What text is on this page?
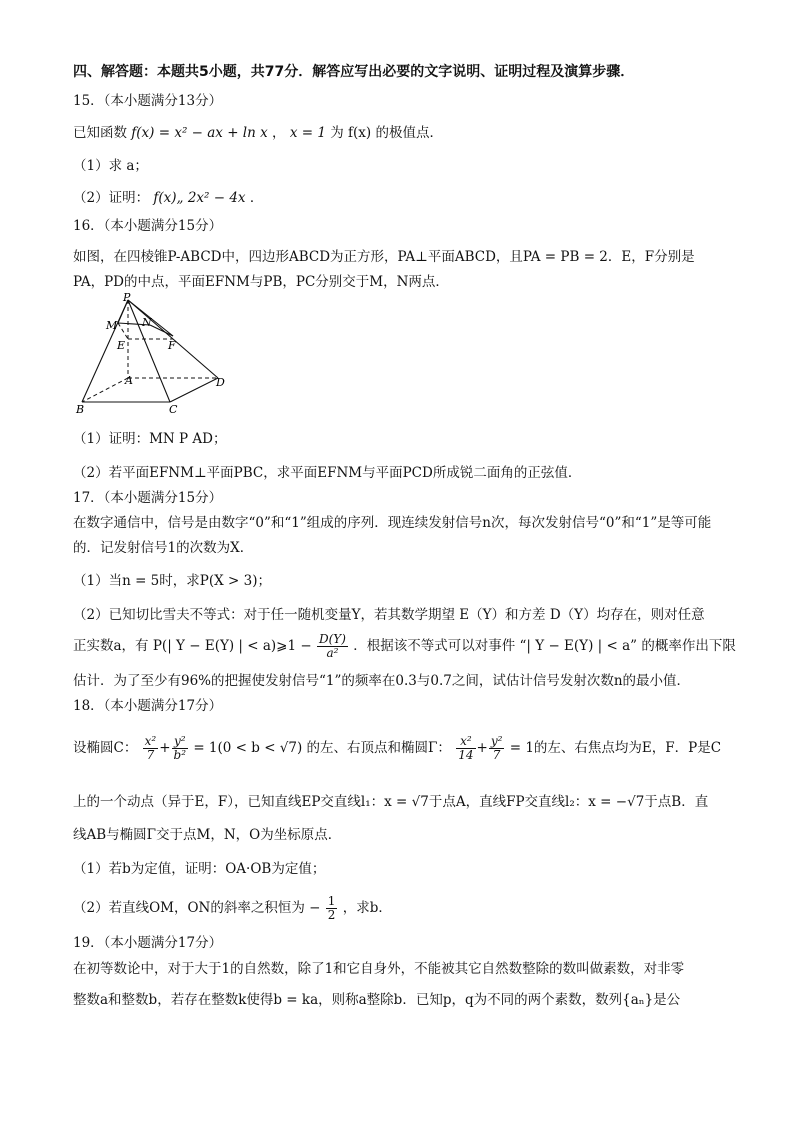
四、解答题：本题共5小题，共77分．解答应写出必要的文字说明、证明过程及演算步骤．
15．（本小题满分13分）
已知函数 f(x) = x² − ax + ln x ， x = 1 为 f(x) 的极值点．
（1）求 a；
（2）证明： f(x)„ 2x² − 4x ．
16．（本小题满分15分）
如图，在四棱锥P-ABCD中，四边形ABCD为正方形，PA⊥平面ABCD，且PA = PB = 2．E，F分别是
PA，PD的中点，平面EFNM与PB，PC分别交于M，N两点．
P
M N
E	F
A	D
B	C
（1）证明：MN P AD；
（2）若平面EFNM⊥平面PBC，求平面EFNM与平面PCD所成锐二面角的正弦值．
17．（本小题满分15分）
在数字通信中，信号是由数字“0”和“1”组成的序列．现连续发射信号n次，每次发射信号“0”和“1”是等可能
的．记发射信号1的次数为X．
（1）当n = 5时，求P(X > 3)；
（2）已知切比雪夫不等式：对于任一随机变量Y，若其数学期望 E（Y）和方差 D（Y）均存在，则对任意
正实数a，有 P(| Y − E(Y) | < a)⩾1 − $\frac{D(Y)}{\text{a²}}$ ．根据该不等式可以对事件 “| Y − E(Y) | < a” 的概率作出下限
估计．为了至少有96%的把握使发射信号“1”的频率在0.3与0.7之间，试估计信号发射次数n的最小值．
18．（本小题满分17分）
设椭圆C： $\frac{\text{x²}}{7} + \frac{\text{y²}}{\text{b²}} = 1(0 < b < √7)$ 的左、右顶点和椭圆Γ： $\frac{\text{x²}}{14} + \frac{\text{y²}}{7} = 1$的左、右焦点均为E，F．P是C
上的一个动点（异于E，F），已知直线EP交直线l₁：x = √7于点A，直线FP交直线l₂：x = −√7于点B．直
线AB与椭圆Γ交于点M，N，O为坐标原点．
（1）若b为定值，证明：OA·OB为定值；
（2）若直线OM，ON的斜率之积恒为 − $\frac{1}{2}$ ，求b．
19．（本小题满分17分）
在初等数论中，对于大于1的自然数，除了1和它自身外，不能被其它自然数整除的数叫做素数，对非零
整数a和整数b，若存在整数k使得b = ka，则称a整除b．已知p，q为不同的两个素数，数列{aₙ}是公
